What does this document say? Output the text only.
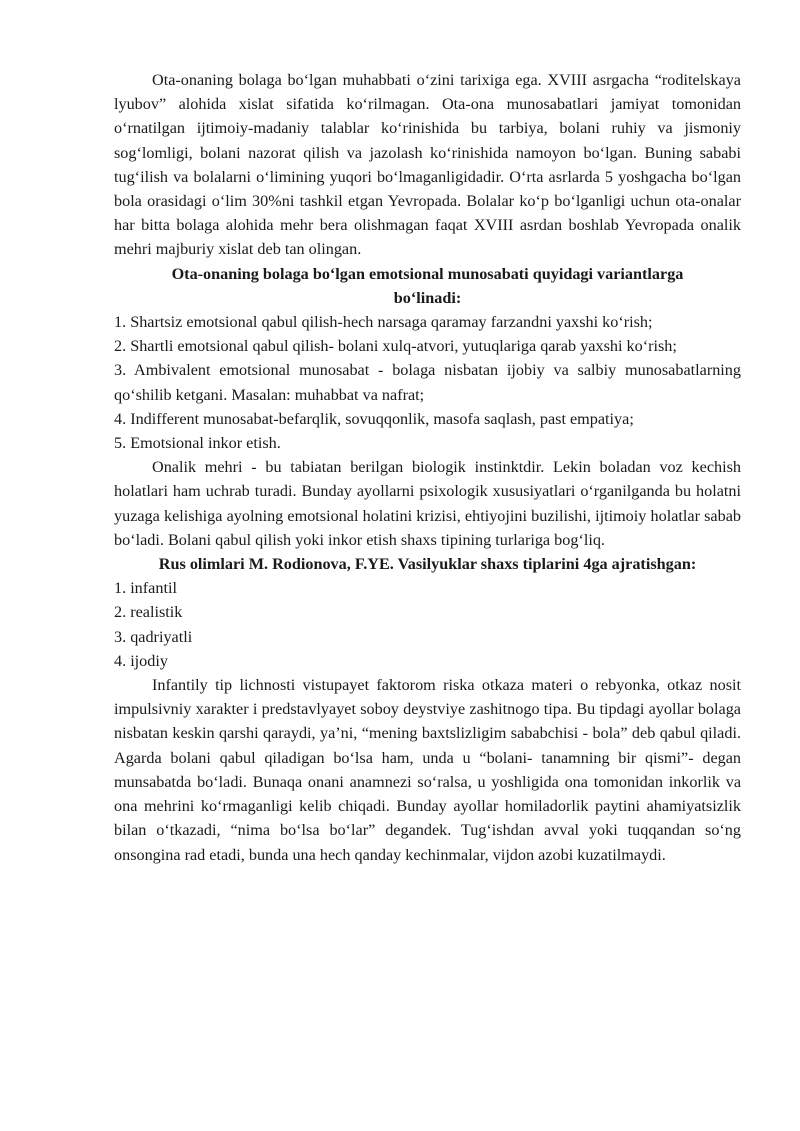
Ota-onaning bolaga bo‘lgan muhabbati o‘zini tarixiga ega. XVIII asrgacha “roditelskaya lyubov” alohida xislat sifatida ko‘rilmagan. Ota-ona munosabatlari jamiyat tomonidan o‘rnatilgan ijtimoiy-madaniy talablar ko‘rinishida bu tarbiya, bolani ruhiy va jismoniy sog‘lomligi, bolani nazorat qilish va jazolash ko‘rinishida namoyon bo‘lgan. Buning sababi tug‘ilish va bolalarni o‘limining yuqori bo‘lmaganligidadir. O‘rta asrlarda 5 yoshgacha bo‘lgan bola orasidagi o‘lim 30%ni tashkil etgan Yevropada. Bolalar ko‘p bo‘lganligi uchun ota-onalar har bitta bolaga alohida mehr bera olishmagan faqat XVIII asrdan boshlab Yevropada onalik mehri majburiy xislat deb tan olingan.

Ota-onaning bolaga bo‘lgan emotsional munosabati quyidagi variantlarga bo‘linadi:

1. Shartsiz emotsional qabul qilish-hech narsaga qaramay farzandni yaxshi ko‘rish;
2. Shartli emotsional qabul qilish- bolani xulq-atvori, yutuqlariga qarab yaxshi ko‘rish;
3. Ambivalent emotsional munosabat - bolaga nisbatan ijobiy va salbiy munosabatlarning qo‘shilib ketgani. Masalan: muhabbat va nafrat;
4. Indifferent munosabat-befarqlik, sovuqqonlik, masofa saqlash, past empatiya;
5. Emotsional inkor etish.

Onalik mehri - bu tabiatan berilgan biologik instinktdir. Lekin boladan voz kechish holatlari ham uchrab turadi. Bunday ayollarni psixologik xususiyatlari o‘rganilganda bu holatni yuzaga kelishiga ayolning emotsional holatini krizisi, ehtiyojini buzilishi, ijtimoiy holatlar sabab bo‘ladi. Bolani qabul qilish yoki inkor etish shaxs tipining turlariga bog‘liq.

Rus olimlari M. Rodionova, F.YE. Vasilyuklar shaxs tiplarini 4ga ajratishgan:

1. infantil
2. realistik
3. qadriyatli
4. ijodiy

Infantily tip lichnosti vistupayet faktorom riska otkaza materi o rebyonka, otkaz nosit impulsivniy xarakter i predstavlyayet soboy deystviye zashitnogo tipa. Bu tipdagi ayollar bolaga nisbatan keskin qarshi qaraydi, ya’ni, “mening baxtslizligim sababchisi - bola” deb qabul qiladi. Agarda bolani qabul qiladigan bo‘lsa ham, unda u “bolani- tanamning bir qismi”- degan munsabatda bo‘ladi. Bunaqa onani anamnezi so‘ralsa, u yoshligida ona tomonidan inkorlik va ona mehrini ko‘rmaganligi kelib chiqadi. Bunday ayollar homiladorlik paytini ahamiyatsizlik bilan o‘tkazadi, “nima bo‘lsa bo‘lar” degandek. Tug‘ishdan avval yoki tuqqandan so‘ng onsongina rad etadi, bunda una hech qanday kechinmalar, vijdon azobi kuzatilmaydi.
